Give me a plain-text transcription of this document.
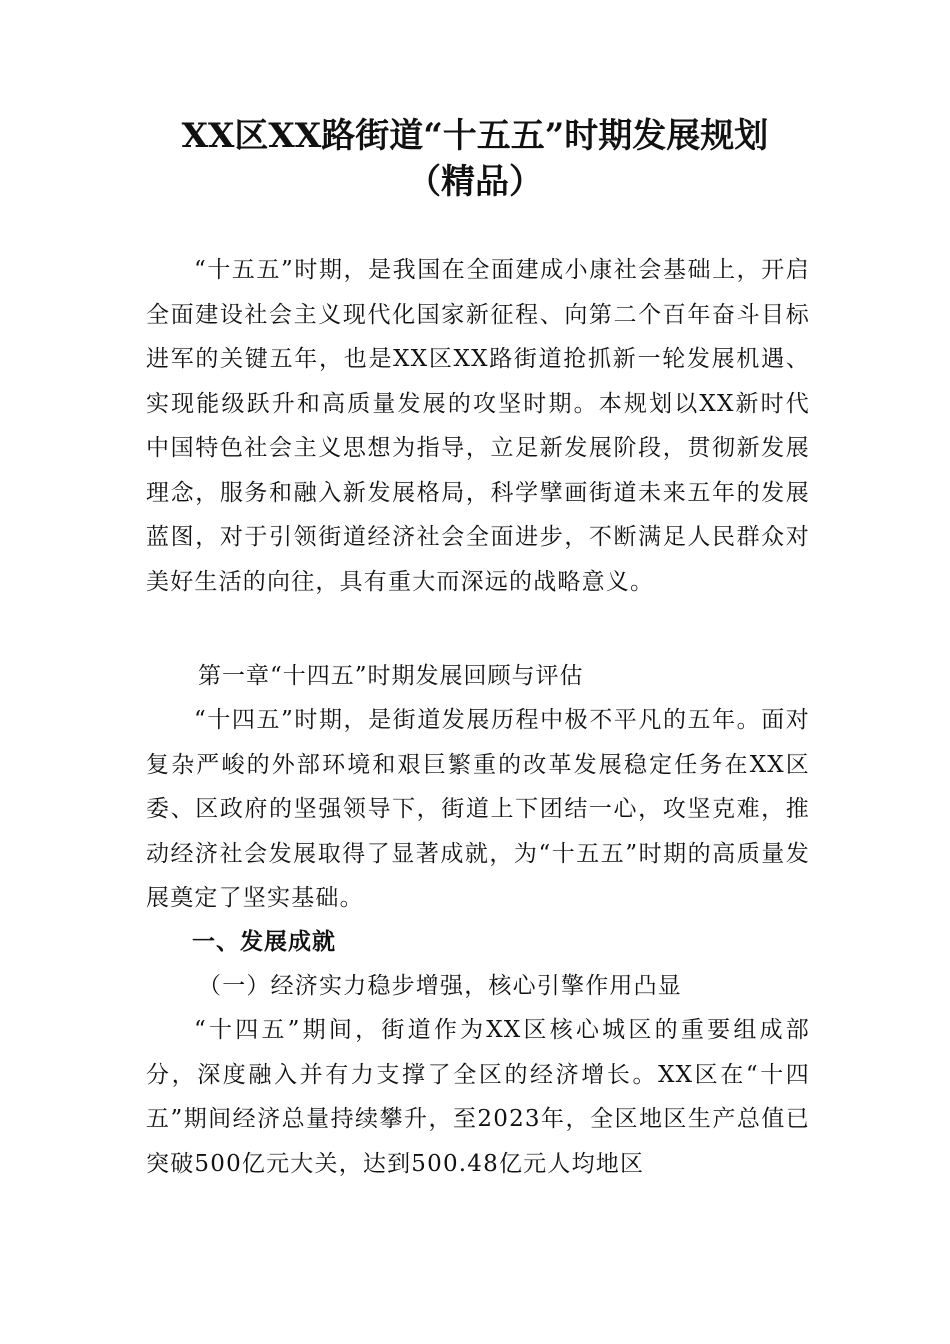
XX区XX路街道“十五五”时期发展规划
（精品）

“十五五”时期，是我国在全面建成小康社会基础上，开启全面建设社会主义现代化国家新征程、向第二个百年奋斗目标进军的关键五年，也是XX区XX路街道抢抓新一轮发展机遇、实现能级跃升和高质量发展的攻坚时期。本规划以XX新时代中国特色社会主义思想为指导，立足新发展阶段，贯彻新发展理念，服务和融入新发展格局，科学擘画街道未来五年的发展蓝图，对于引领街道经济社会全面进步，不断满足人民群众对美好生活的向往，具有重大而深远的战略意义。

第一章“十四五”时期发展回顾与评估

“十四五”时期，是街道发展历程中极不平凡的五年。面对复杂严峻的外部环境和艰巨繁重的改革发展稳定任务在XX区委、区政府的坚强领导下，街道上下团结一心，攻坚克难，推动经济社会发展取得了显著成就，为“十五五”时期的高质量发展奠定了坚实基础。

一、发展成就

（一）经济实力稳步增强，核心引擎作用凸显

“十四五”期间，街道作为XX区核心城区的重要组成部分，深度融入并有力支撑了全区的经济增长。XX区在“十四五”期间经济总量持续攀升，至2023年，全区地区生产总值已突破500亿元大关，达到500.48亿元人均地区
